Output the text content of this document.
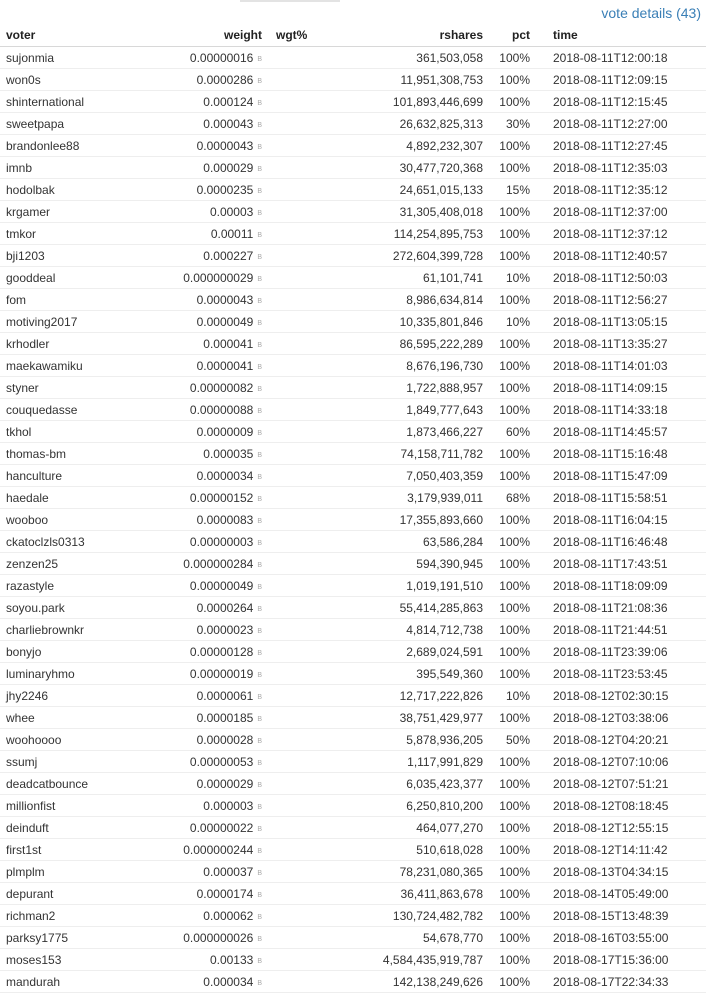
vote details (43)
voter	weight	wgt%	rshares	pct	time
sujonmia	0.00000016 B		361,503,058	100%	2018-08-11T12:00:18
won0s	0.0000286 B		11,951,308,753	100%	2018-08-11T12:09:15
shinternational	0.000124 B		101,893,446,699	100%	2018-08-11T12:15:45
sweetpapa	0.000043 B		26,632,825,313	30%	2018-08-11T12:27:00
brandonlee88	0.0000043 B		4,892,232,307	100%	2018-08-11T12:27:45
imnb	0.000029 B		30,477,720,368	100%	2018-08-11T12:35:03
hodolbak	0.0000235 B		24,651,015,133	15%	2018-08-11T12:35:12
krgamer	0.00003 B		31,305,408,018	100%	2018-08-11T12:37:00
tmkor	0.00011 B		114,254,895,753	100%	2018-08-11T12:37:12
bji1203	0.000227 B		272,604,399,728	100%	2018-08-11T12:40:57
gooddeal	0.000000029 B		61,101,741	10%	2018-08-11T12:50:03
fom	0.0000043 B		8,986,634,814	100%	2018-08-11T12:56:27
motiving2017	0.0000049 B		10,335,801,846	10%	2018-08-11T13:05:15
krhodler	0.000041 B		86,595,222,289	100%	2018-08-11T13:35:27
maekawamiku	0.0000041 B		8,676,196,730	100%	2018-08-11T14:01:03
styner	0.00000082 B		1,722,888,957	100%	2018-08-11T14:09:15
couquedasse	0.00000088 B		1,849,777,643	100%	2018-08-11T14:33:18
tkhol	0.0000009 B		1,873,466,227	60%	2018-08-11T14:45:57
thomas-bm	0.000035 B		74,158,711,782	100%	2018-08-11T15:16:48
hanculture	0.0000034 B		7,050,403,359	100%	2018-08-11T15:47:09
haedale	0.00000152 B		3,179,939,011	68%	2018-08-11T15:58:51
wooboo	0.0000083 B		17,355,893,660	100%	2018-08-11T16:04:15
ckatoclzls0313	0.00000003 B		63,586,284	100%	2018-08-11T16:46:48
zenzen25	0.000000284 B		594,390,945	100%	2018-08-11T17:43:51
razastyle	0.00000049 B		1,019,191,510	100%	2018-08-11T18:09:09
soyou.park	0.0000264 B		55,414,285,863	100%	2018-08-11T21:08:36
charliebrownkr	0.0000023 B		4,814,712,738	100%	2018-08-11T21:44:51
bonyjo	0.00000128 B		2,689,024,591	100%	2018-08-11T23:39:06
luminaryhmo	0.00000019 B		395,549,360	100%	2018-08-11T23:53:45
jhy2246	0.0000061 B		12,717,222,826	10%	2018-08-12T02:30:15
whee	0.0000185 B		38,751,429,977	100%	2018-08-12T03:38:06
woohoooo	0.0000028 B		5,878,936,205	50%	2018-08-12T04:20:21
ssumj	0.00000053 B		1,117,991,829	100%	2018-08-12T07:10:06
deadcatbounce	0.0000029 B		6,035,423,377	100%	2018-08-12T07:51:21
millionfist	0.000003 B		6,250,810,200	100%	2018-08-12T08:18:45
deinduft	0.00000022 B		464,077,270	100%	2018-08-12T12:55:15
first1st	0.000000244 B		510,618,028	100%	2018-08-12T14:11:42
plmplm	0.000037 B		78,231,080,365	100%	2018-08-13T04:34:15
depurant	0.0000174 B		36,411,863,678	100%	2018-08-14T05:49:00
richman2	0.000062 B		130,724,482,782	100%	2018-08-15T13:48:39
parksy1775	0.000000026 B		54,678,770	100%	2018-08-16T03:55:00
moses153	0.00133 B		4,584,435,919,787	100%	2018-08-17T15:36:00
mandurah	0.000034 B		142,138,249,626	100%	2018-08-17T22:34:33
